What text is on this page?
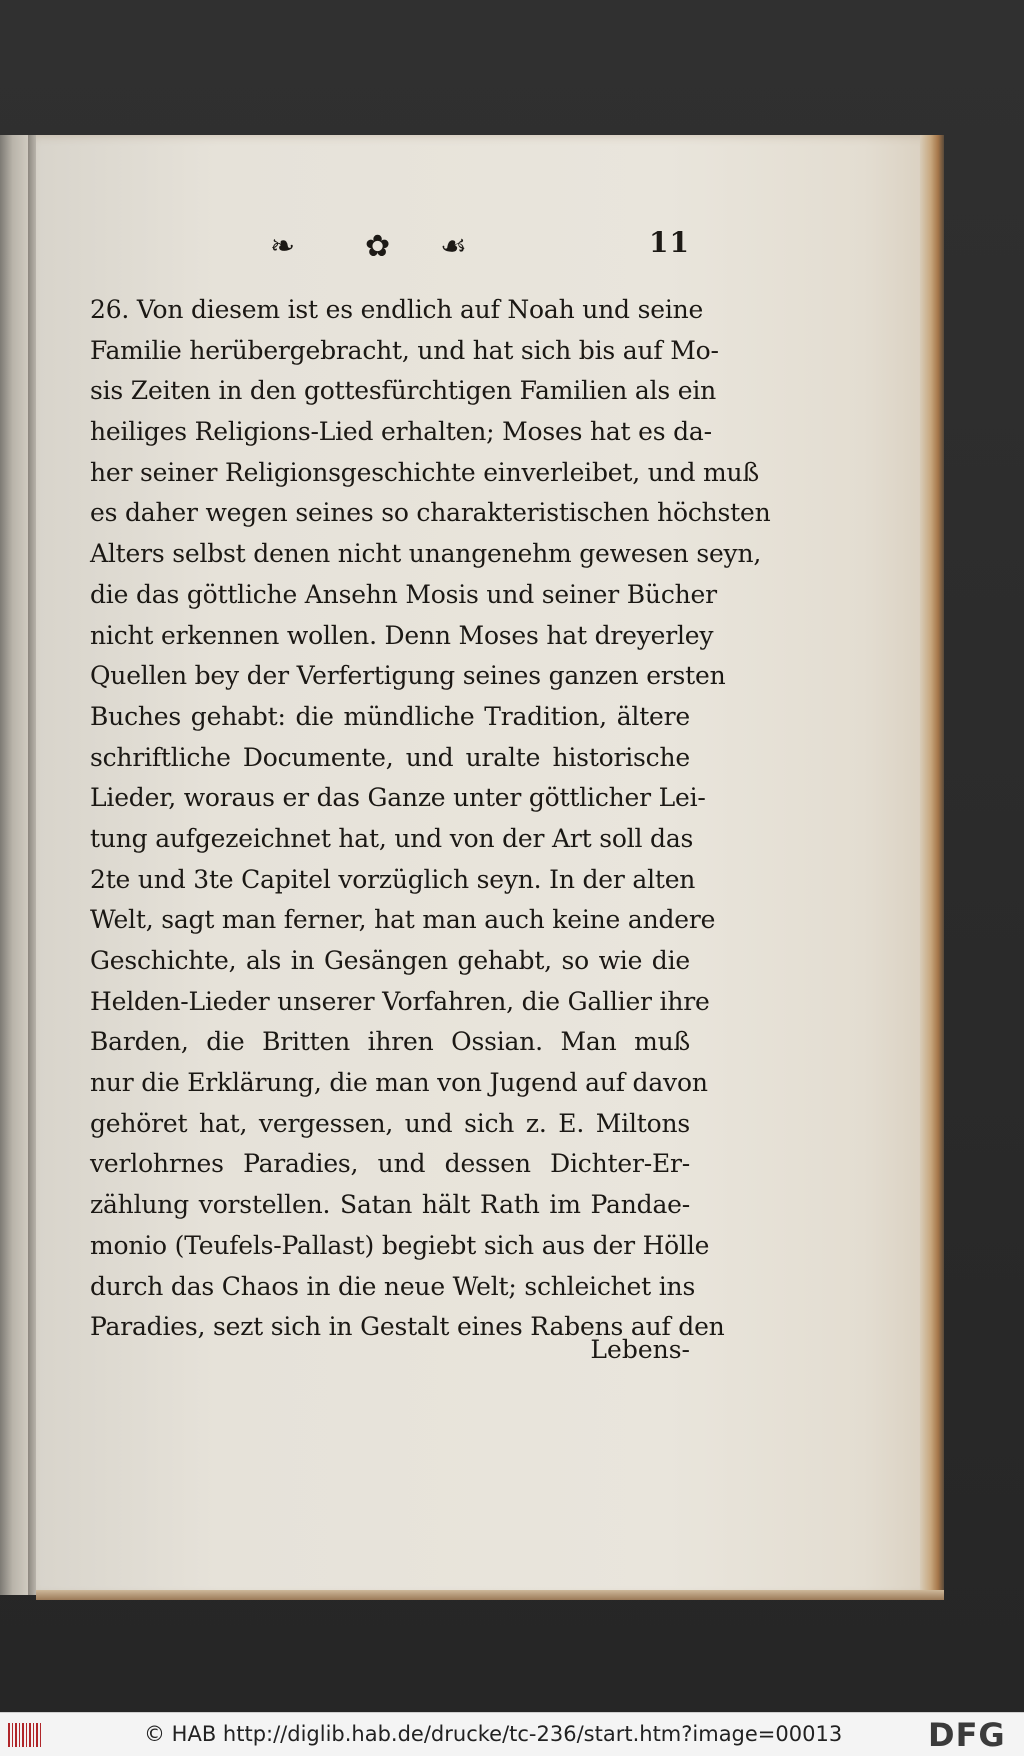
❧ ✿ ☙	11
26. Von diesem ist es endlich auf Noah und seine
Familie herübergebracht, und hat sich bis auf Mo-
sis Zeiten in den gottesfürchtigen Familien als ein
heiliges Religions-Lied erhalten; Moses hat es da-
her seiner Religionsgeschichte einverleibet, und muß
es daher wegen seines so charakteristischen höchsten
Alters selbst denen nicht unangenehm gewesen seyn,
die das göttliche Ansehn Mosis und seiner Bücher
nicht erkennen wollen. Denn Moses hat dreyerley
Quellen bey der Verfertigung seines ganzen ersten
Buches gehabt: die mündliche Tradition, ältere
schriftliche Documente, und uralte historische
Lieder, woraus er das Ganze unter göttlicher Lei-
tung aufgezeichnet hat, und von der Art soll das
2te und 3te Capitel vorzüglich seyn. In der alten
Welt, sagt man ferner, hat man auch keine andere
Geschichte, als in Gesängen gehabt, so wie die
Helden-Lieder unserer Vorfahren, die Gallier ihre
Barden, die Britten ihren Ossian. Man muß
nur die Erklärung, die man von Jugend auf davon
gehöret hat, vergessen, und sich z. E. Miltons
verlohrnes Paradies, und dessen Dichter-Er-
zählung vorstellen. Satan hält Rath im Pandae-
monio (Teufels-Pallast) begiebt sich aus der Hölle
durch das Chaos in die neue Welt; schleichet ins
Paradies, sezt sich in Gestalt eines Rabens auf den
Lebens-
© HAB http://diglib.hab.de/drucke/tc-236/start.htm?image=00013	DFG
